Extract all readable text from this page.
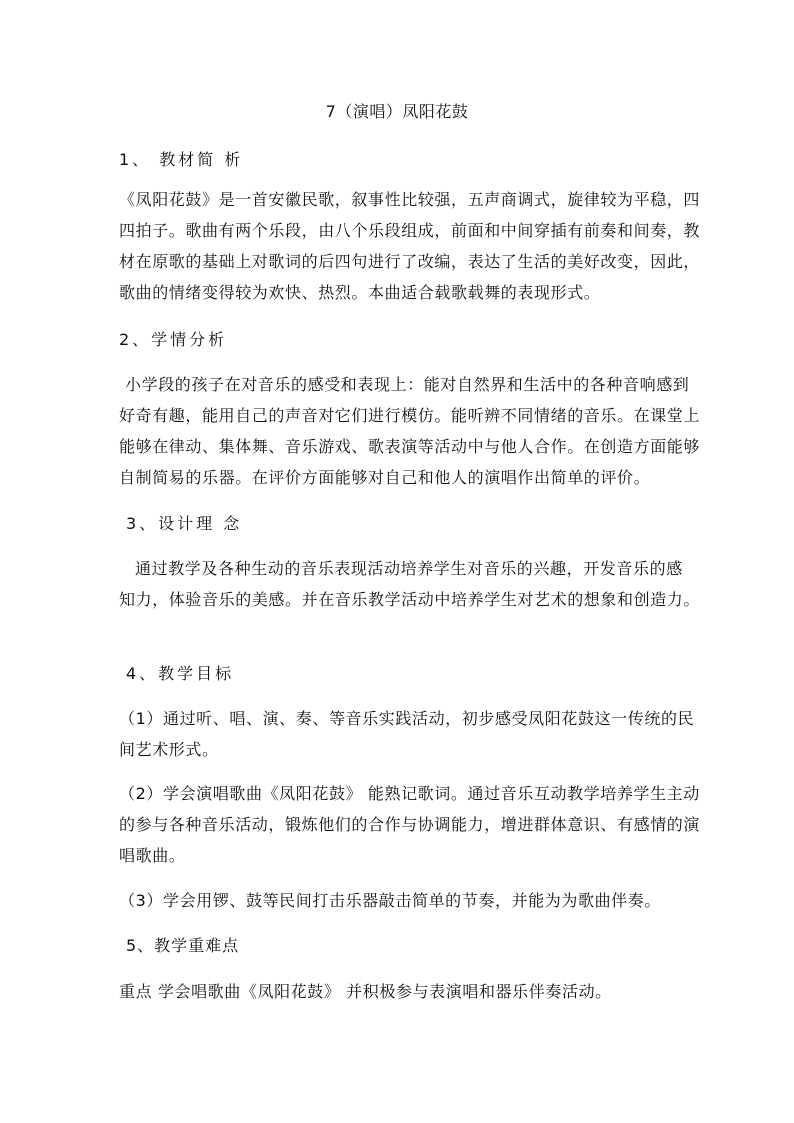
7（演唱）凤阳花鼓
1、 教材简 析
《凤阳花鼓》是一首安徽民歌，叙事性比较强，五声商调式，旋律较为平稳，四
四拍子。歌曲有两个乐段，由八个乐段组成，前面和中间穿插有前奏和间奏，教
材在原歌的基础上对歌词的后四句进行了改编，表达了生活的美好改变，因此，
歌曲的情绪变得较为欢快、热烈。本曲适合载歌载舞的表现形式。
2、学情分析
小学段的孩子在对音乐的感受和表现上：能对自然界和生活中的各种音响感到
好奇有趣，能用自己的声音对它们进行模仿。能听辨不同情绪的音乐。在课堂上
能够在律动、集体舞、音乐游戏、歌表演等活动中与他人合作。在创造方面能够
自制简易的乐器。在评价方面能够对自己和他人的演唱作出简单的评价。
3、设计理 念
通过教学及各种生动的音乐表现活动培养学生对音乐的兴趣，开发音乐的感
知力，体验音乐的美感。并在音乐教学活动中培养学生对艺术的想象和创造力。
4、教学目标
（1）通过听、唱、演、奏、等音乐实践活动，初步感受凤阳花鼓这一传统的民
间艺术形式。
（2）学会演唱歌曲《凤阳花鼓》 能熟记歌词。通过音乐互动教学培养学生主动
的参与各种音乐活动，锻炼他们的合作与协调能力，增进群体意识、有感情的演
唱歌曲。
（3）学会用锣、鼓等民间打击乐器敲击简单的节奏，并能为为歌曲伴奏。
5、教学重难点
重点 学会唱歌曲《凤阳花鼓》 并积极参与表演唱和器乐伴奏活动。
